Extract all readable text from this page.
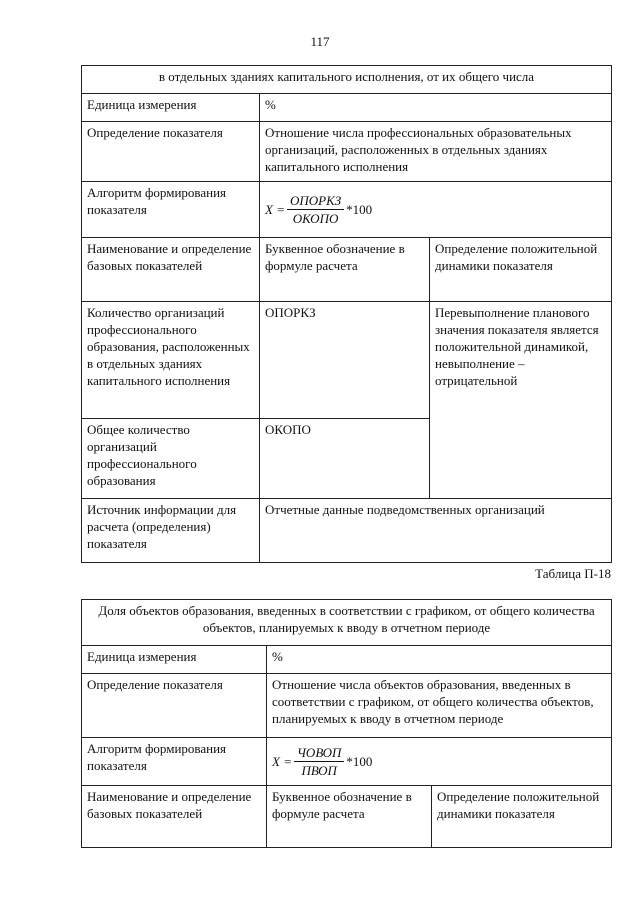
117
в отдельных зданиях капитального исполнения, от их общего числа		
Единица измерения	%	
Определение показателя	Отношение числа профессиональных образовательных организаций, расположенных в отдельных зданиях капитального исполнения	
Алгоритм формирования показателя	$X = \frac{\text{ОПОРКЗ}}{\text{ОКОПО}} *100$	

Наименование и определение базовых показателей	Буквенное обозначение в формуле расчета	Определение положительной динамики показателя
Количество организаций профессионального образования, расположенных в отдельных зданиях капитального исполнения	ОПОРКЗ	Перевыполнение планового значения показателя является положительной динамикой, невыполнение – отрицательной
Общее количество организаций профессионального образования	ОКОПО	
Источник информации для расчета (определения) показателя	Отчетные данные подведомственных организаций	
Таблица П-18
Доля объектов образования, введенных в соответствии с графиком, от общего количества объектов, планируемых к вводу в отчетном периоде		
Единица измерения	%	
Определение показателя	Отношение числа объектов образования, введенных в соответствии с графиком, от общего количества объектов, планируемых к вводу в отчетном периоде	
Алгоритм формирования показателя	$X = \frac{\text{ЧОВОП}}{\text{ПВОП}} *100$	

Наименование и определение базовых показателей	Буквенное обозначение в формуле расчета	Определение положительной динамики показателя
